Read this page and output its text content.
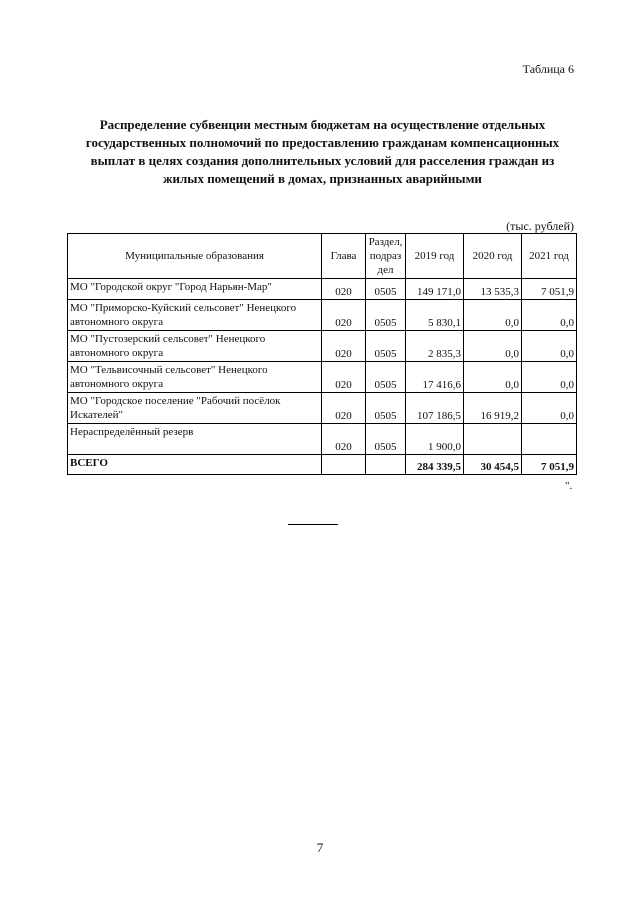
Таблица 6
Распределение субвенции местным бюджетам на осуществление отдельных государственных полномочий по предоставлению гражданам компенсационных выплат в целях создания дополнительных условий для расселения граждан из жилых помещений в домах, признанных аварийными
(тыс. рублей)
Муниципальные образования	Глава	Раздел, подраз дел	2019 год	2020 год	2021 год
МО "Городской округ "Город Нарьян-Мар"	020	0505	149 171,0	13 535,3	7 051,9
МО "Приморско-Куйский сельсовет" Ненецкого автономного округа	020	0505	5 830,1	0,0	0,0
МО "Пустозерский сельсовет" Ненецкого автономного округа	020	0505	2 835,3	0,0	0,0
МО "Тельвисочный сельсовет" Ненецкого автономного округа	020	0505	17 416,6	0,0	0,0
МО "Городское поселение "Рабочий посёлок Искателей"	020	0505	107 186,5	16 919,2	0,0
Нераспределённый резерв	020	0505	1 900,0		
ВСЕГО			284 339,5	30 454,5	7 051,9
".
7
